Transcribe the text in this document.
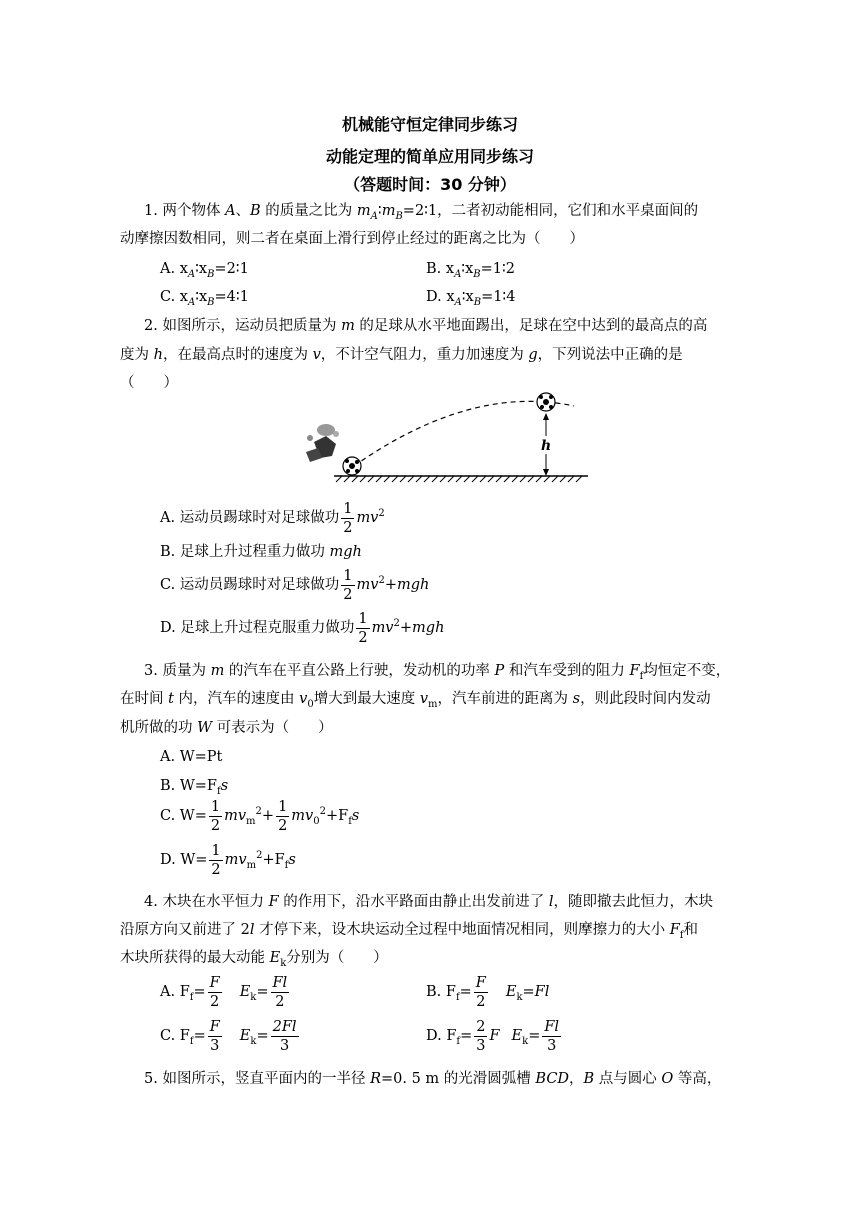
机械能守恒定律同步练习
动能定理的简单应用同步练习
（答题时间：30 分钟）
1. 两个物体 A、B 的质量之比为 $m_A∶m_B=2∶1$，二者初动能相同，它们和水平桌面间的
动摩擦因数相同，则二者在桌面上滑行到停止经过的距离之比为（　　）
A. $x_A∶x_B=2∶1$	B. $x_A∶x_B=1∶2$
C. $x_A∶x_B=4∶1$	D. $x_A∶x_B=1∶4$
2. 如图所示，运动员把质量为 m 的足球从水平地面踢出，足球在空中达到的最高点的高
度为 h，在最高点时的速度为 v，不计空气阻力，重力加速度为 g，下列说法中正确的是
（　　）
h
A. 运动员踢球时对足球做功 $\frac{1}{2} mv^2$
B. 足球上升过程重力做功 mgh
C. 运动员踢球时对足球做功 $\frac{1}{2} mv^2+mgh$
D. 足球上升过程克服重力做功 $\frac{1}{2} mv^2+mgh$
3. 质量为 m 的汽车在平直公路上行驶，发动机的功率 P 和汽车受到的阻力 $F_f$均恒定不变，
在时间 t 内，汽车的速度由 $v_0$增大到最大速度 $v_m$，汽车前进的距离为 s，则此段时间内发动
机所做的功 W 可表示为（　　）
A. W=Pt
B. $W=F_fs$
C. $W= \frac{1}{2} mv_m^2+ \frac{1}{2} mv_0^2+F_fs$
D. $W= \frac{1}{2} mv_m^2+F_fs$
4. 木块在水平恒力 F 的作用下，沿水平路面由静止出发前进了 l，随即撤去此恒力，木块
沿原方向又前进了 2l 才停下来，设木块运动全过程中地面情况相同，则摩擦力的大小 $F_f$和
木块所获得的最大动能 $E_k$分别为（　　）
A. $F_f= \frac{F}{2} E_k= \frac{Fl}{2}$	B. $F_f= \frac{F}{2} E_k=Fl$
C. $F_f= \frac{F}{3} E_k= \frac{2Fl}{3}$	D. $F_f= \frac{2}{3}$ F $E_k= \frac{Fl}{3}$
5. 如图所示，竖直平面内的一半径 R=0. 5 m 的光滑圆弧槽 BCD，B 点与圆心 O 等高，
